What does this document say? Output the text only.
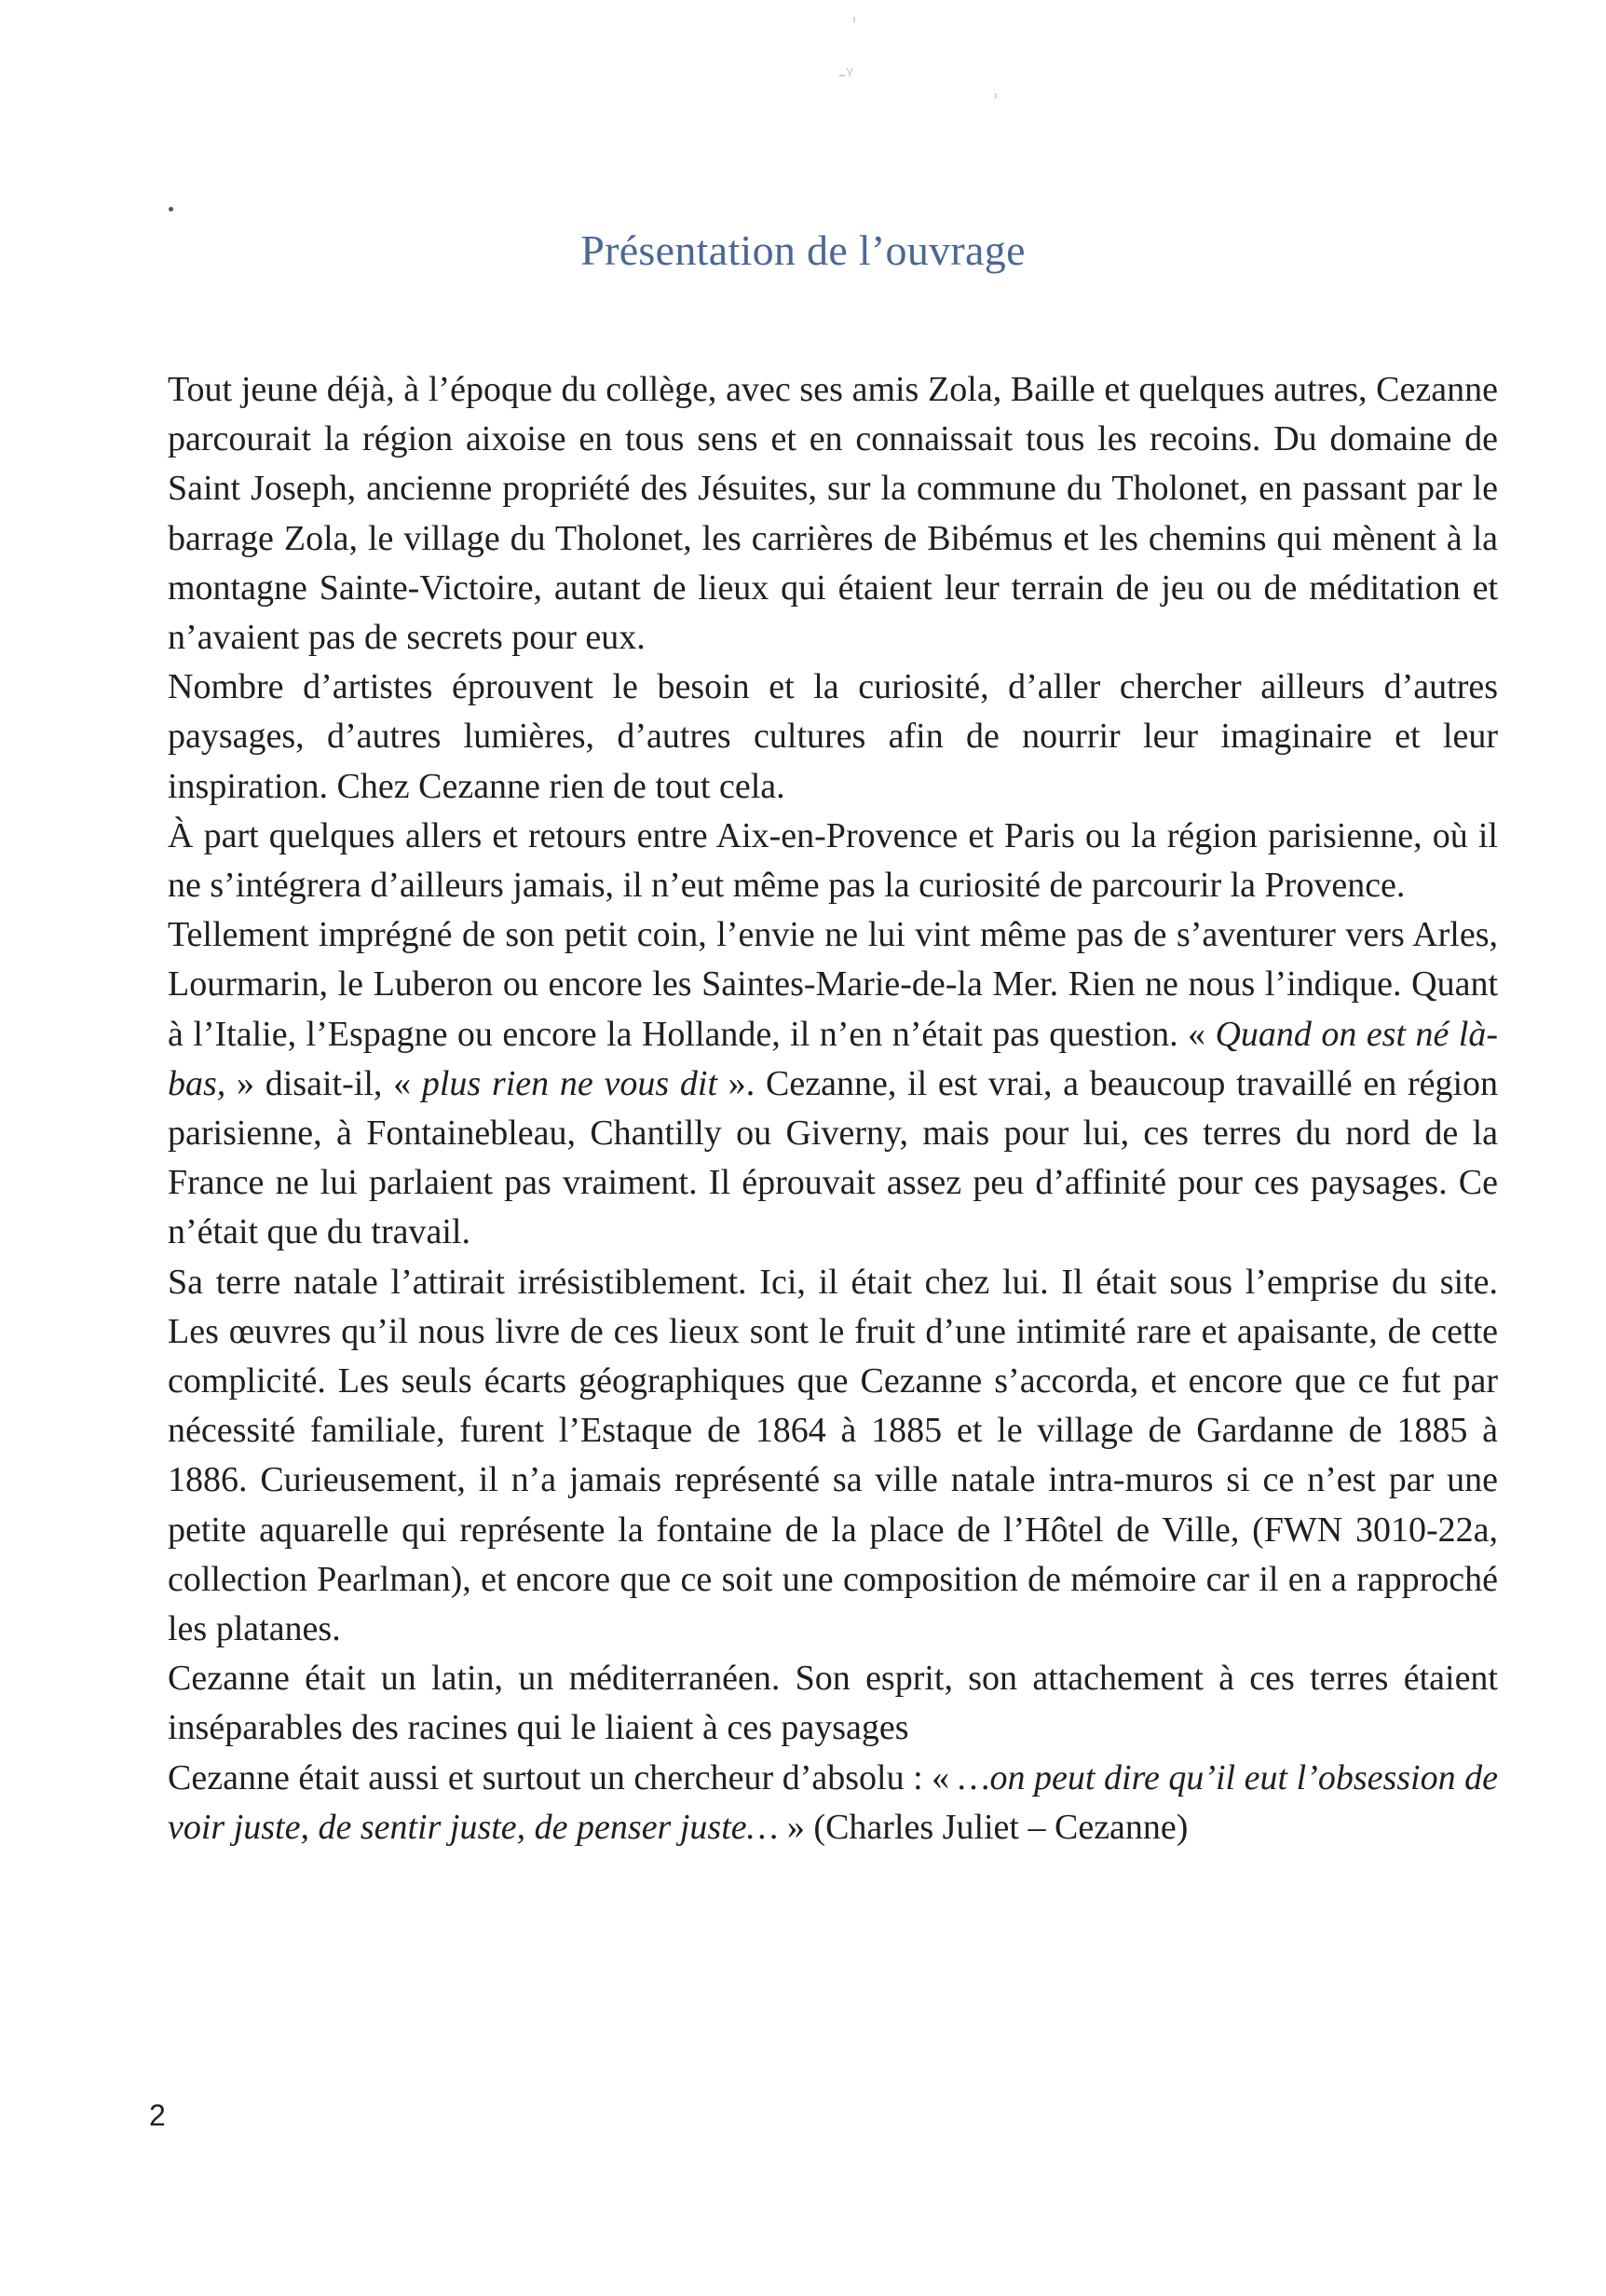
ˈ
-ᵞ
ʾ
Présentation de l’ouvrage

Tout jeune déjà, à l’époque du collège, avec ses amis Zola, Baille et quelques autres, Cezanne parcourait la région aixoise en tous sens et en connaissait tous les recoins. Du domaine de Saint Joseph, ancienne propriété des Jésuites, sur la commune du Tholonet, en passant par le barrage Zola, le village du Tholonet, les carrières de Bibémus et les chemins qui mènent à la montagne Sainte-Victoire, autant de lieux qui étaient leur terrain de jeu ou de méditation et n’avaient pas de secrets pour eux.

Nombre d’artistes éprouvent le besoin et la curiosité, d’aller chercher ailleurs d’autres paysages, d’autres lumières, d’autres cultures afin de nourrir leur imaginaire et leur inspiration. Chez Cezanne rien de tout cela.

À part quelques allers et retours entre Aix-en-Provence et Paris ou la région parisienne, où il ne s’intégrera d’ailleurs jamais, il n’eut même pas la curiosité de parcourir la Provence.

Tellement imprégné de son petit coin, l’envie ne lui vint même pas de s’aventurer vers Arles, Lourmarin, le Luberon ou encore les Saintes-Marie-de-la Mer. Rien ne nous l’indique. Quant à l’Italie, l’Espagne ou encore la Hollande, il n’en n’était pas question. « Quand on est né là-bas, » disait-il, « plus rien ne vous dit ». Cezanne, il est vrai, a beaucoup travaillé en région parisienne, à Fontainebleau, Chantilly ou Giverny, mais pour lui, ces terres du nord de la France ne lui parlaient pas vraiment. Il éprouvait assez peu d’affinité pour ces paysages. Ce n’était que du travail.

Sa terre natale l’attirait irrésistiblement. Ici, il était chez lui. Il était sous l’emprise du site. Les œuvres qu’il nous livre de ces lieux sont le fruit d’une intimité rare et apaisante, de cette complicité. Les seuls écarts géographiques que Cezanne s’accorda, et encore que ce fut par nécessité familiale, furent l’Estaque de 1864 à 1885 et le village de Gardanne de 1885 à 1886. Curieusement, il n’a jamais représenté sa ville natale intra-muros si ce n’est par une petite aquarelle qui représente la fontaine de la place de l’Hôtel de Ville, (FWN 3010-22a, collection Pearlman), et encore que ce soit une composition de mémoire car il en a rapproché les platanes.

Cezanne était un latin, un méditerranéen. Son esprit, son attachement à ces terres étaient inséparables des racines qui le liaient à ces paysages

Cezanne était aussi et surtout un chercheur d’absolu : « …on peut dire qu’il eut l’obsession de voir juste, de sentir juste, de penser juste… » (Charles Juliet – Cezanne)

2
